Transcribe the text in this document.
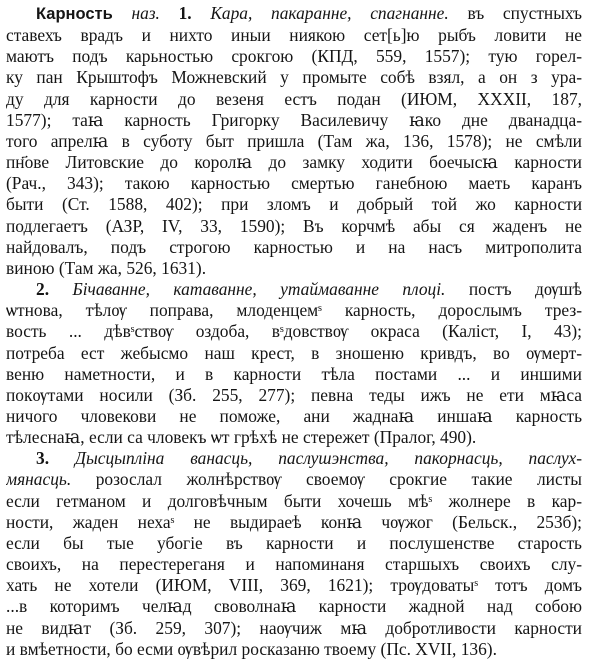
Карность наз. 1. Кара, пакаранне, спагнанне. въ спустныхъ
ставехъ врадъ и нихто иныи ниякою сет[ь]ю рыбъ ловити не
маютъ подъ карьностью срокгою (КПД, 559, 1557); тую горел-
ку пан Крыштофъ Можневский у промыте собѣ взял, а он з ура-
ду для карности до везеня естъ подан (ИЮМ, XXXII, 187,
1577); таꙗ карность Григорку Василевичу ꙗко дне дванадца-
того апрелꙗ в суботу быт пришла (Там жа, 136, 1578); не смѣли
пн҃ове Литовские до королꙗ до замку ходити боечысꙗ карности
(Рач., 343); такою карностью смертью ганебною маеть каранъ
быти (Ст. 1588, 402); при зломъ и добрый той жо карности
подлегаетъ (АЗР, IV, 33, 1590); Въ корчмѣ абы ся жаденъ не
найдовалъ, подъ строгою карностью и на насъ митрополита
виною (Там жа, 526, 1631).
2. Бічаванне, катаванне, утаймаванне плоці. постъ дѹшѣ
ѡтнова, тѣлѹ поправа, млоденцемˢ карность, дорослымъ трез-
вость ... дѣвˢствѹ оздоба, вˢдовствѹ окраса (Каліст, I, 43);
потреба ест жебысмо наш крест, в зношеню кривдъ, во ѹмерт-
веню наметности, и в карности тѣла постами ... и иншими
покѹтами носили (Зб. 255, 277); певна теды ижъ не ети мꙗса
ничого чловекови не поможе, ани жаднаꙗ иншаꙗ карность
тѣлеснаꙗ, если са чловекъ ѡт грѣхѣ не стережет (Пралог, 490).
3. Дысцыпліна ванасць, паслушэнства, пакорнасць, паслух-
мянасць. розослал жолнѣрствѹ своемѹ срокгие такие листы
если гетманом и долговѣчным быти хочешь мѣˢ жолнере в кар-
ности, жаден нехаˢ не выдираеѣ конꙗ чѹжог (Бельск., 253б);
если бы тые убогіе въ карности и послушенстве старость
своихъ, на перестереганя и напоминаня старшыхъ своихъ слу-
хать не хотели (ИЮМ, VIII, 369, 1621); трѹдоватыˢ тотъ домъ
...в которимъ челꙗд своволнаꙗ карности жадной над собою
не видꙗт (Зб. 259, 307); наѹчиж мꙗ добротливости карности
и вмѣетности, бо есми ѹвѣрил росказаню твоему (Пс. XVII, 136).
